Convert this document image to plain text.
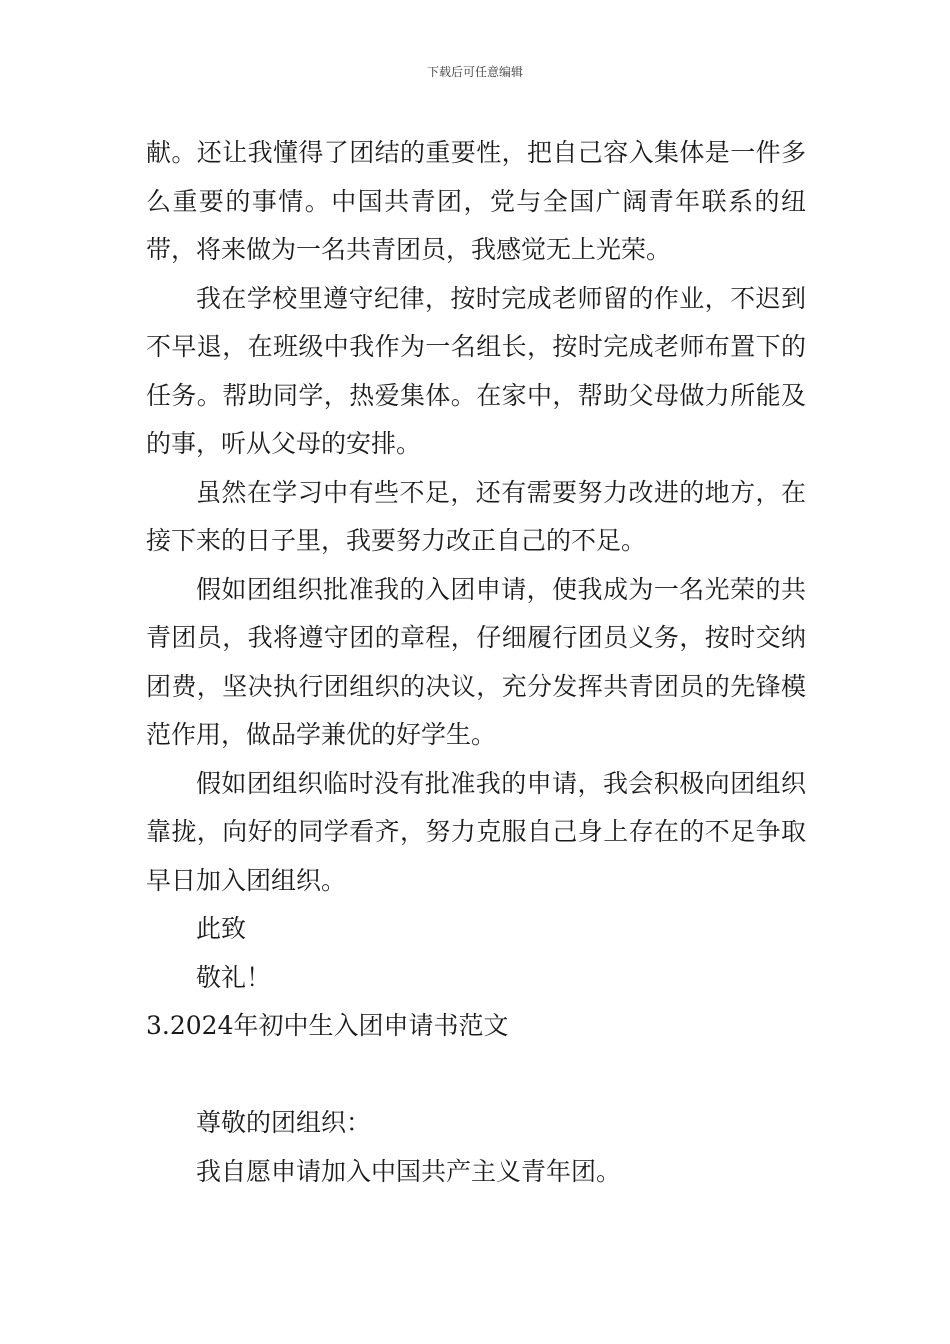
下载后可任意编辑

献。还让我懂得了团结的重要性，把自己容入集体是一件多么重要的事情。中国共青团，党与全国广阔青年联系的纽带，将来做为一名共青团员，我感觉无上光荣。

我在学校里遵守纪律，按时完成老师留的作业，不迟到不早退，在班级中我作为一名组长，按时完成老师布置下的任务。帮助同学，热爱集体。在家中，帮助父母做力所能及的事，听从父母的安排。

虽然在学习中有些不足，还有需要努力改进的地方，在接下来的日子里，我要努力改正自己的不足。

假如团组织批准我的入团申请，使我成为一名光荣的共青团员，我将遵守团的章程，仔细履行团员义务，按时交纳团费，坚决执行团组织的决议，充分发挥共青团员的先锋模范作用，做品学兼优的好学生。

假如团组织临时没有批准我的申请，我会积极向团组织靠拢，向好的同学看齐，努力克服自己身上存在的不足争取早日加入团组织。

此致

敬礼！

3.2024年初中生入团申请书范文

尊敬的团组织：

我自愿申请加入中国共产主义青年团。
